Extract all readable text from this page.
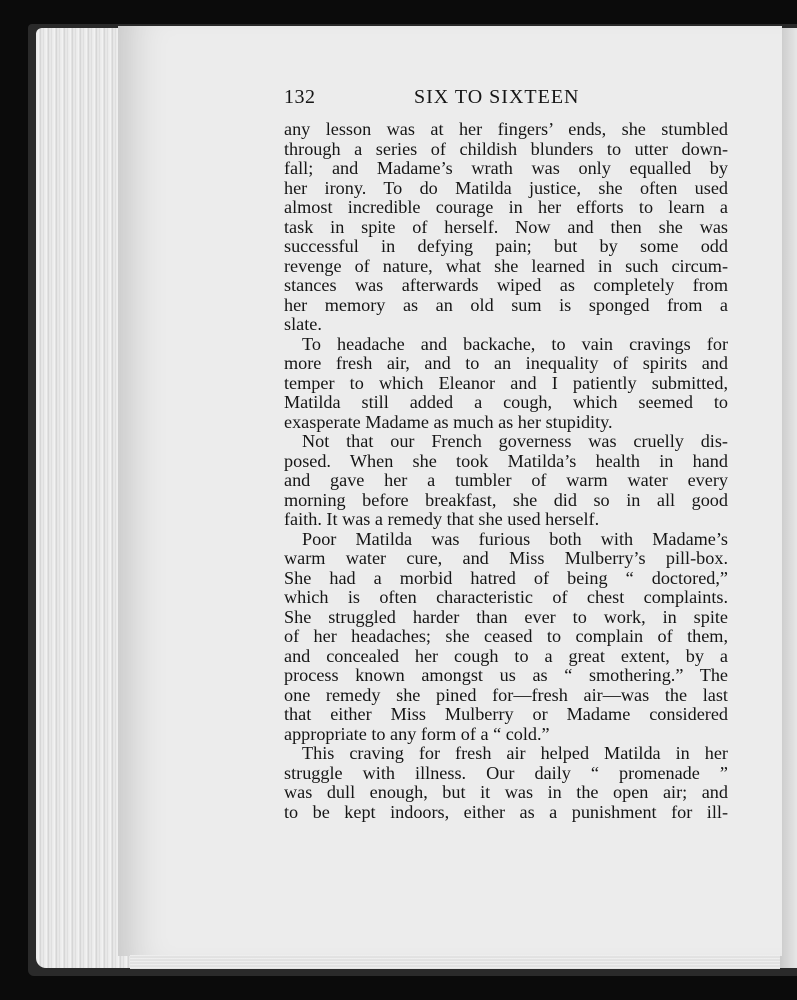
132	SIX TO SIXTEEN
any lesson was at her fingers’ ends, she stumbled
through a series of childish blunders to utter down-
fall; and Madame’s wrath was only equalled by
her irony. To do Matilda justice, she often used
almost incredible courage in her efforts to learn a
task in spite of herself. Now and then she was
successful in defying pain; but by some odd
revenge of nature, what she learned in such circum-
stances was afterwards wiped as completely from
her memory as an old sum is sponged from a
slate.
To headache and backache, to vain cravings for
more fresh air, and to an inequality of spirits and
temper to which Eleanor and I patiently submitted,
Matilda still added a cough, which seemed to
exasperate Madame as much as her stupidity.
Not that our French governess was cruelly dis-
posed. When she took Matilda’s health in hand
and gave her a tumbler of warm water every
morning before breakfast, she did so in all good
faith. It was a remedy that she used herself.
Poor Matilda was furious both with Madame’s
warm water cure, and Miss Mulberry’s pill-box.
She had a morbid hatred of being “ doctored,”
which is often characteristic of chest complaints.
She struggled harder than ever to work, in spite
of her headaches; she ceased to complain of them,
and concealed her cough to a great extent, by a
process known amongst us as “ smothering.” The
one remedy she pined for—fresh air—was the last
that either Miss Mulberry or Madame considered
appropriate to any form of a “ cold.”
This craving for fresh air helped Matilda in her
struggle with illness. Our daily “ promenade ”
was dull enough, but it was in the open air; and
to be kept indoors, either as a punishment for ill-
